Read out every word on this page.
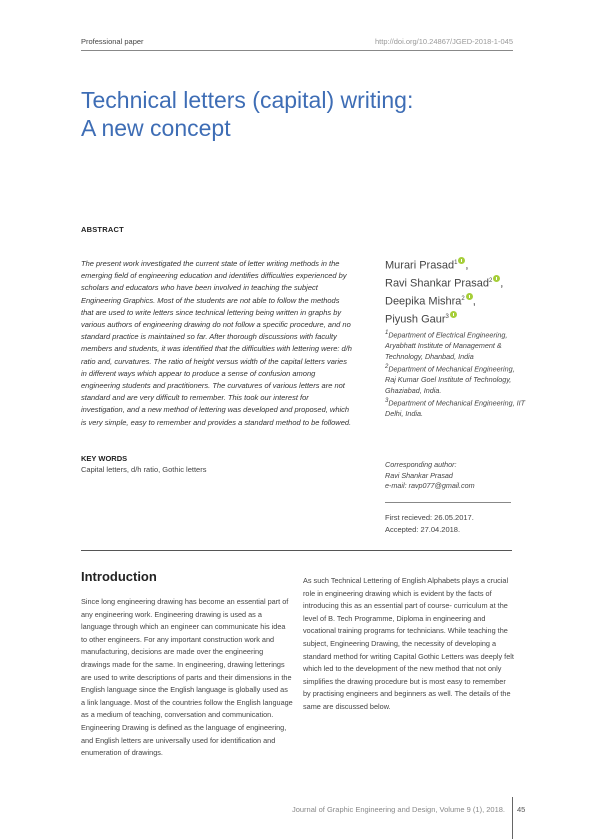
Professional paper	http://doi.org/10.24867/JGED-2018-1-045
Technical letters (capital) writing:
A new concept
ABSTRACT
The present work investigated the current state of letter writing methods in the emerging field of engineering education and identifies difficulties experienced by scholars and educators who have been involved in teaching the subject Engineering Graphics. Most of the students are not able to follow the methods that are used to write letters since technical lettering being written in graphs by various authors of engineering drawing do not follow a specific procedure, and no standard practice is maintained so far. After thorough discussions with faculty members and students, it was identified that the difficulties with lettering were: d/h ratio and, curvatures. The ratio of height versus width of the capital letters varies in different ways which appear to produce a sense of confusion among engineering students and practitioners. The curvatures of various letters are not standard and are very difficult to remember. This took our interest for investigation, and a new method of lettering was developed and proposed, which is very simple, easy to remember and provides a standard method to be followed.
KEY WORDS
Capital letters, d/h ratio, Gothic letters
Murari Prasad$^1$ ,
Ravi Shankar Prasad$^2$ ,
Deepika Mishra$^2$ ,
Piyush Gaur$^3$
$^1$Department of Electrical Engineering, Aryabhatt Institute of Management & Technology, Dhanbad, India
$^2$Department of Mechanical Engineering, Raj Kumar Goel Institute of Technology, Ghaziabad, India.
$^3$Department of Mechanical Engineering, IIT Delhi, India.
Corresponding author:
Ravi Shankar Prasad
e-mail: ravp077@gmail.com
First recieved: 26.05.2017.
Accepted: 27.04.2018.
Introduction
Since long engineering drawing has become an essential part of any engineering work. Engineering drawing is used as a language through which an engineer can communicate his idea to other engineers. For any important construction work and manufacturing, decisions are made over the engineering drawings made for the same. In engineering, drawing letterings are used to write descriptions of parts and their dimensions in the English language since the English language is globally used as a link language. Most of the countries follow the English language as a medium of teaching, conversation and communication. Engineering Drawing is defined as the language of engineering, and English letters are universally used for identification and enumeration of drawings.
As such Technical Lettering of English Alphabets plays a crucial role in engineering drawing which is evident by the facts of introducing this as an essential part of course- curriculum at the level of B. Tech Programme, Diploma in engineering and vocational training programs for technicians. While teaching the subject, Engineering Drawing, the necessity of developing a standard method for writing Capital Gothic Letters was deeply felt which led to the development of the new method that not only simplifies the drawing procedure but is most easy to remember by practising engineers and beginners as well. The details of the same are discussed below.
Journal of Graphic Engineering and Design, Volume 9 (1), 2018. 45
